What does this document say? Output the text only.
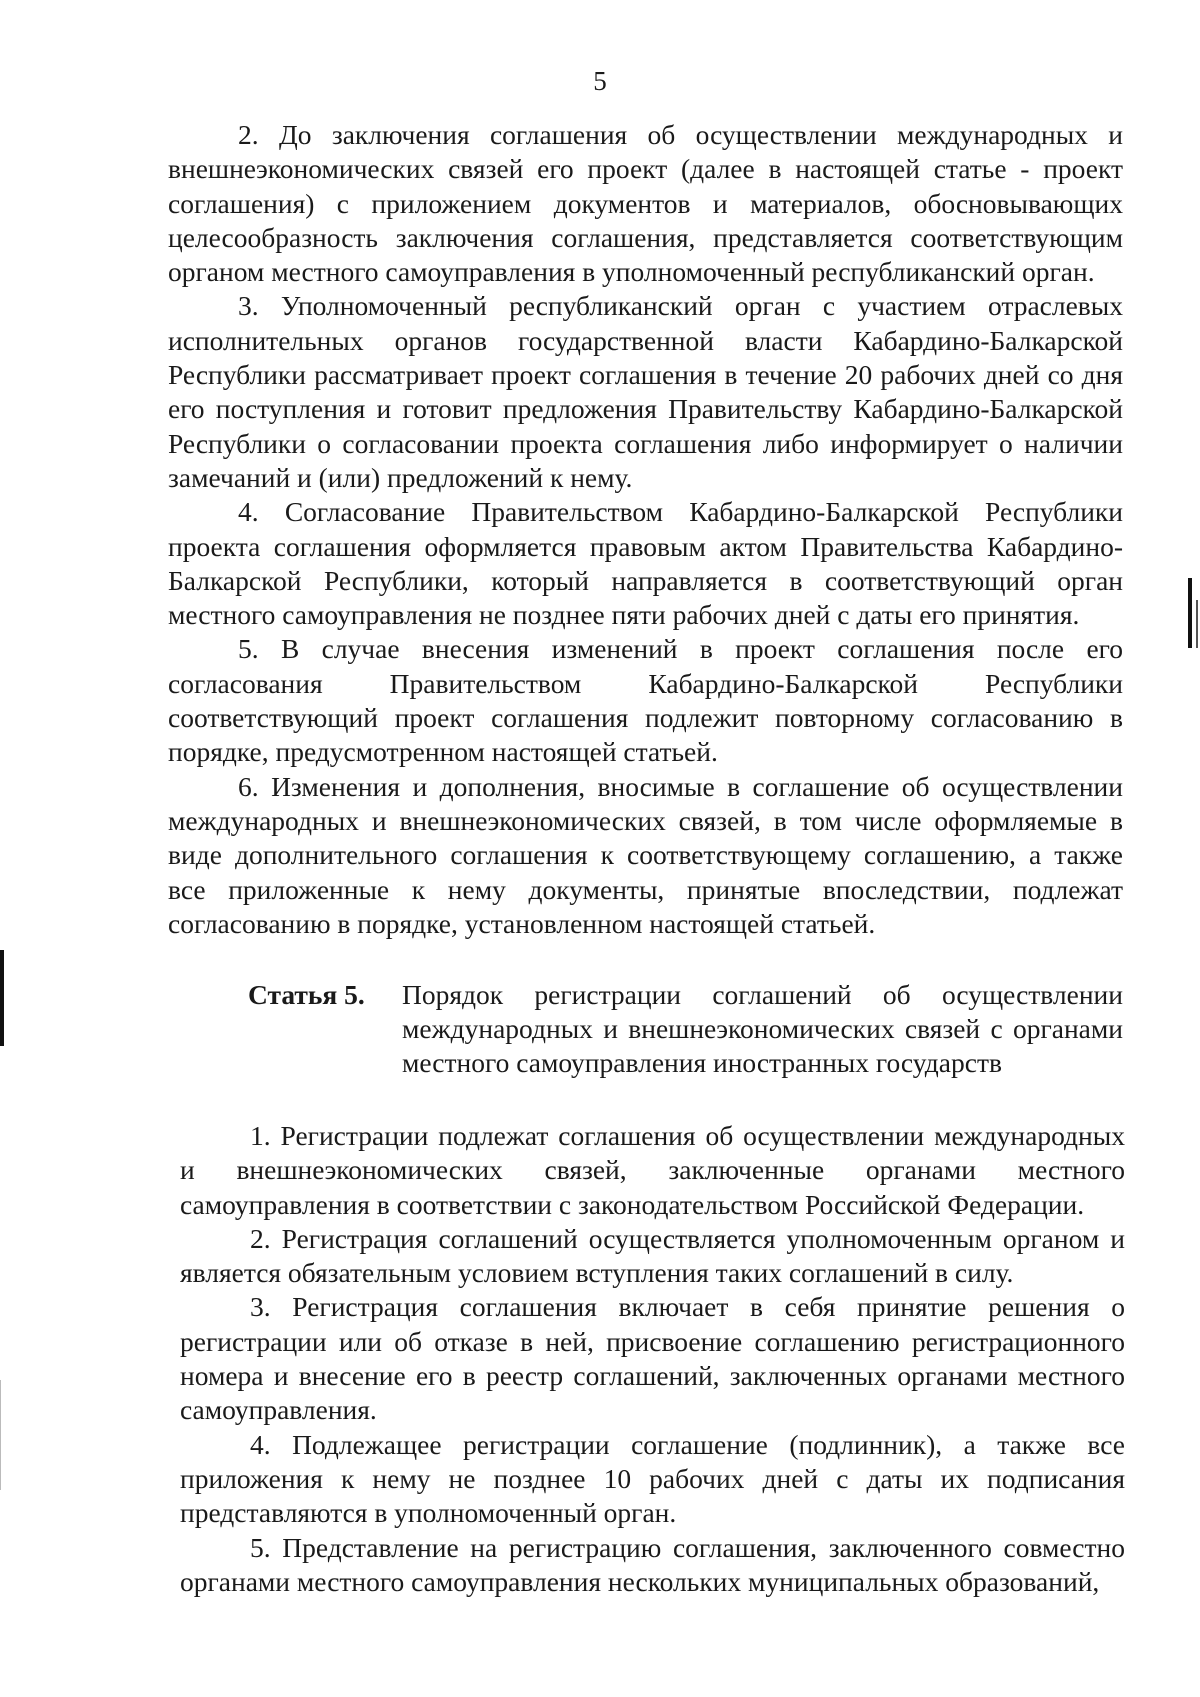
5

2. До заключения соглашения об осуществлении международных и внешнеэкономических связей его проект (далее в настоящей статье - проект соглашения) с приложением документов и материалов, обосновывающих целесообразность заключения соглашения, представляется соответствующим органом местного самоуправления в уполномоченный республиканский орган.

3. Уполномоченный республиканский орган с участием отраслевых исполнительных органов государственной власти Кабардино-Балкарской Республики рассматривает проект соглашения в течение 20 рабочих дней со дня его поступления и готовит предложения Правительству Кабардино-Балкарской Республики о согласовании проекта соглашения либо информирует о наличии замечаний и (или) предложений к нему.

4. Согласование Правительством Кабардино-Балкарской Республики проекта соглашения оформляется правовым актом Правительства Кабардино-Балкарской Республики, который направляется в соответствующий орган местного самоуправления не позднее пяти рабочих дней с даты его принятия.

5. В случае внесения изменений в проект соглашения после его согласования Правительством Кабардино-Балкарской Республики соответствующий проект соглашения подлежит повторному согласованию в порядке, предусмотренном настоящей статьей.

6. Изменения и дополнения, вносимые в соглашение об осуществлении международных и внешнеэкономических связей, в том числе оформляемые в виде дополнительного соглашения к соответствующему соглашению, а также все приложенные к нему документы, принятые впоследствии, подлежат согласованию в порядке, установленном настоящей статьей.

Статья 5.	Порядок регистрации соглашений об осуществлении международных и внешнеэкономических связей с органами местного самоуправления иностранных государств

1. Регистрации подлежат соглашения об осуществлении международных и внешнеэкономических связей, заключенные органами местного самоуправления в соответствии с законодательством Российской Федерации.

2. Регистрация соглашений осуществляется уполномоченным органом и является обязательным условием вступления таких соглашений в силу.

3. Регистрация соглашения включает в себя принятие решения о регистрации или об отказе в ней, присвоение соглашению регистрационного номера и внесение его в реестр соглашений, заключенных органами местного самоуправления.

4. Подлежащее регистрации соглашение (подлинник), а также все приложения к нему не позднее 10 рабочих дней с даты их подписания представляются в уполномоченный орган.

5. Представление на регистрацию соглашения, заключенного совместно органами местного самоуправления нескольких муниципальных образований,
